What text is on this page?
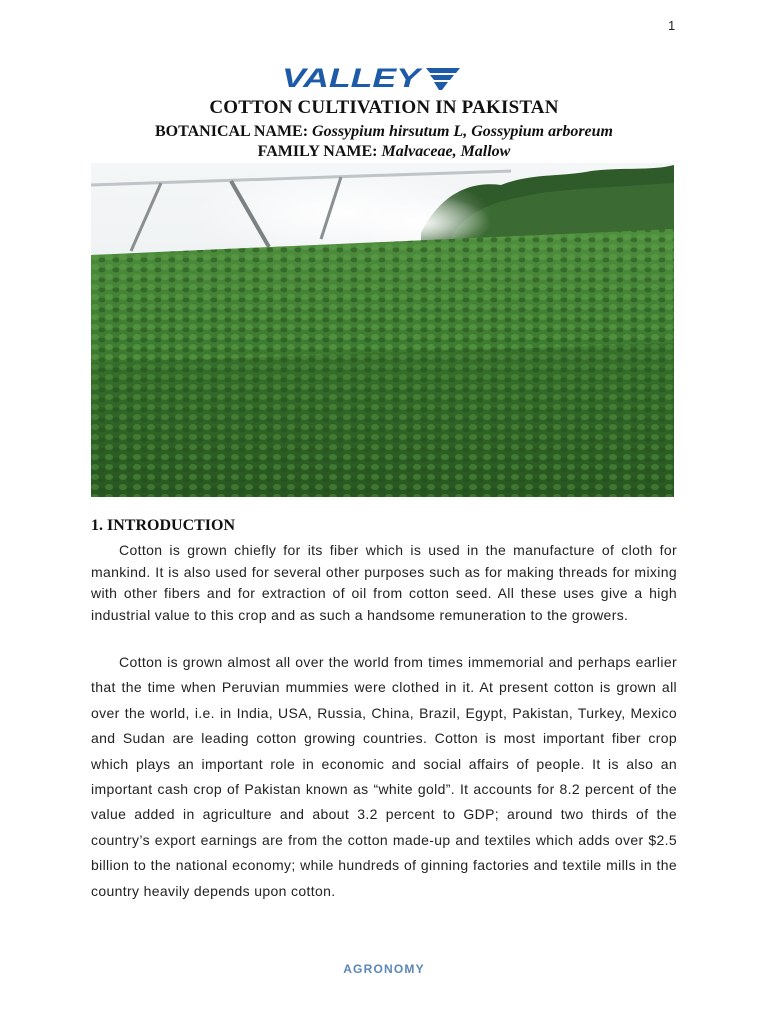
1
VALLEY
COTTON CULTIVATION IN PAKISTAN
BOTANICAL NAME: Gossypium hirsutum L, Gossypium arboreum
FAMILY NAME: Malvaceae, Mallow
1. INTRODUCTION

Cotton is grown chiefly for its fiber which is used in the manufacture of cloth for mankind. It is also used for several other purposes such as for making threads for mixing with other fibers and for extraction of oil from cotton seed. All these uses give a high industrial value to this crop and as such a handsome remuneration to the growers.

Cotton is grown almost all over the world from times immemorial and perhaps earlier that the time when Peruvian mummies were clothed in it. At present cotton is grown all over the world, i.e. in India, USA, Russia, China, Brazil, Egypt, Pakistan, Turkey, Mexico and Sudan are leading cotton growing countries. Cotton is most important fiber crop which plays an important role in economic and social affairs of people. It is also an important cash crop of Pakistan known as “white gold”. It accounts for 8.2 percent of the value added in agriculture and about 3.2 percent to GDP; around two thirds of the country’s export earnings are from the cotton made-up and textiles which adds over $2.5 billion to the national economy; while hundreds of ginning factories and textile mills in the country heavily depends upon cotton.

AGRONOMY
